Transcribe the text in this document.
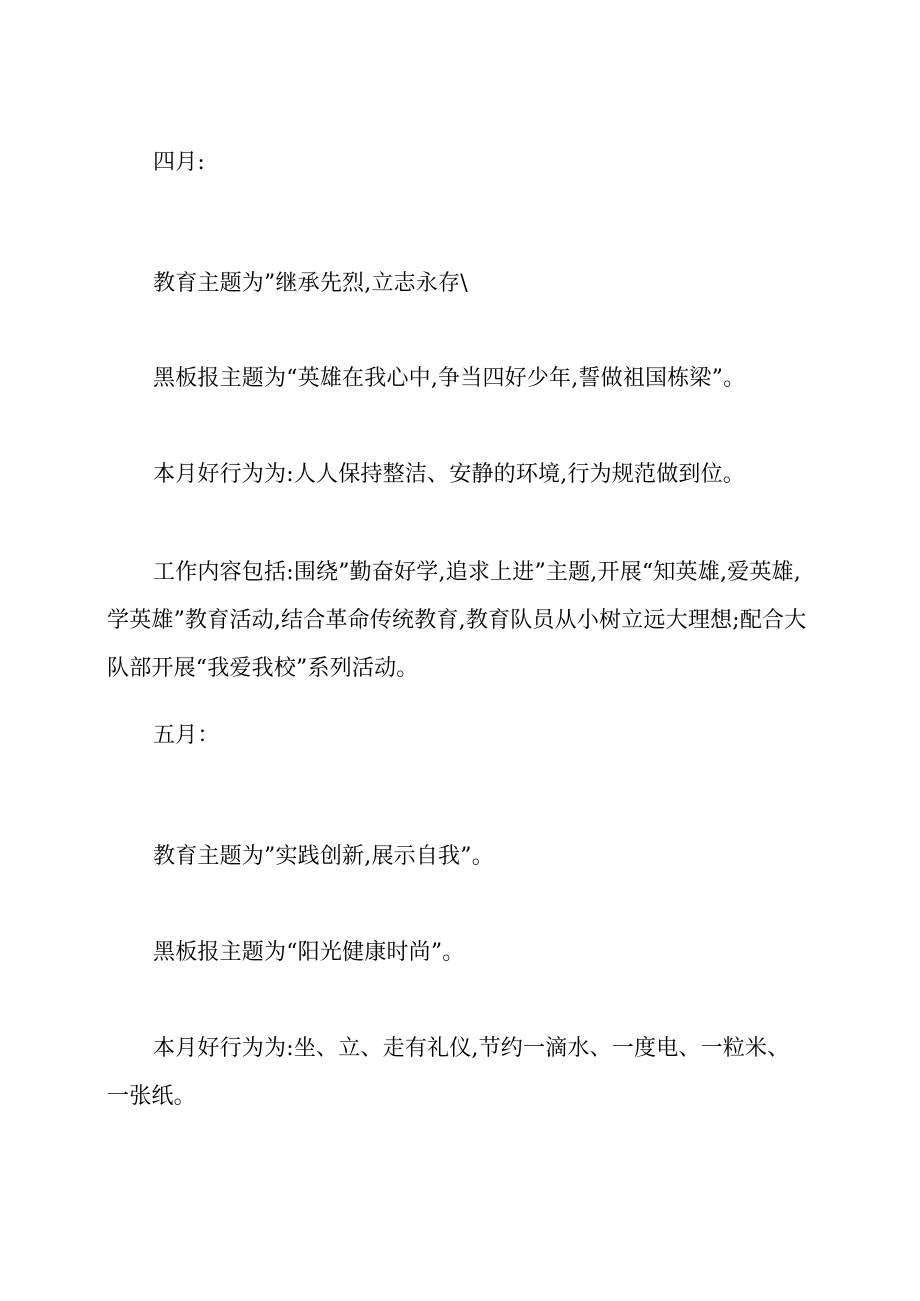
四月:

教育主题为”继承先烈,立志永存\

黑板报主题为“英雄在我心中,争当四好少年,誓做祖国栋梁”。

本月好行为为:人人保持整洁、安静的环境,行为规范做到位。

工作内容包括:围绕”勤奋好学,追求上进”主题,开展“知英雄,爱英雄,学英雄”教育活动,结合革命传统教育,教育队员从小树立远大理想;配合大队部开展“我爱我校”系列活动。

五月：

教育主题为”实践创新,展示自我”。

黑板报主题为“阳光健康时尚”。

本月好行为为:坐、立、走有礼仪,节约一滴水、一度电、一粒米、一张纸。
